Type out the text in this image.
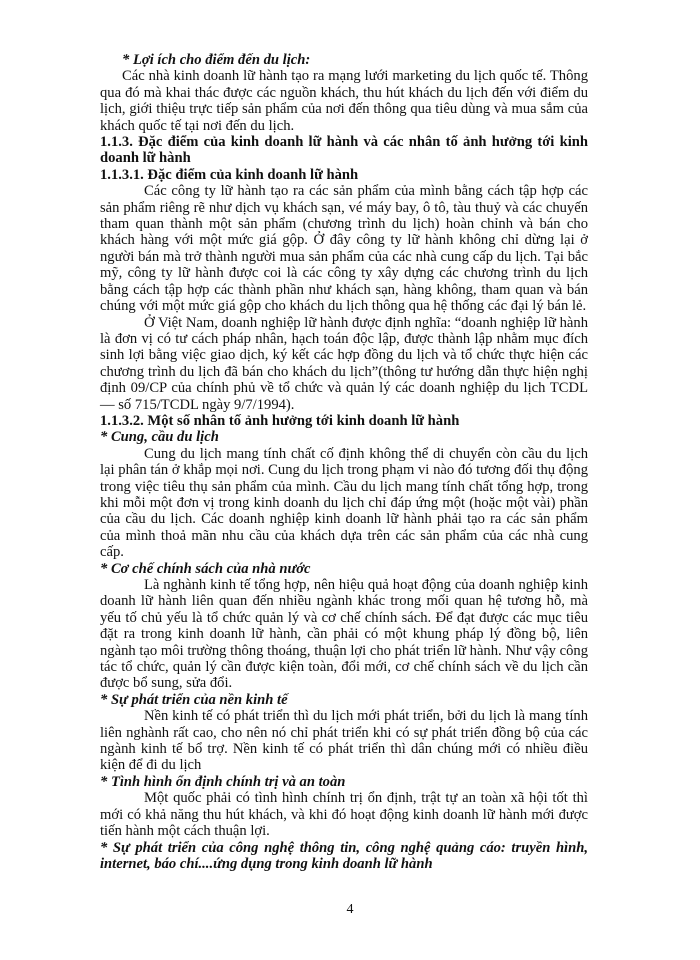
* Lợi ích cho điểm đến du lịch:

Các nhà kinh doanh lữ hành tạo ra mạng lưới marketing du lịch quốc tế. Thông qua đó mà khai thác được các nguồn khách, thu hút khách du lịch đến với điểm du lịch, giới thiệu trực tiếp sản phẩm của nơi đến thông qua tiêu dùng và mua sắm của khách quốc tế tại nơi đến du lịch.

1.1.3. Đặc điểm của kinh doanh lữ hành và các nhân tố ảnh hưởng tới kinh doanh lữ hành

1.1.3.1. Đặc điểm của kinh doanh lữ hành

Các công ty lữ hành tạo ra các sản phẩm của mình bằng cách tập hợp các sản phẩm riêng rẽ như dịch vụ khách sạn, vé máy bay, ô tô, tàu thuỷ và các chuyến tham quan thành một sản phẩm (chương trình du lịch) hoàn chỉnh và bán cho khách hàng với một mức giá gộp. Ở đây công ty lữ hành không chỉ dừng lại ở người bán mà trở thành người mua sản phẩm của các nhà cung cấp du lịch. Tại bắc mỹ, công ty lữ hành được coi là các công ty xây dựng các chương trình du lịch bằng cách tập hợp các thành phần như khách sạn, hàng không, tham quan và bán chúng với một mức giá gộp cho khách du lịch thông qua hệ thống các đại lý bán lẻ.

Ở Việt Nam, doanh nghiệp lữ hành được định nghĩa: “doanh nghiệp lữ hành là đơn vị có tư cách pháp nhân, hạch toán độc lập, được thành lập nhằm mục đích sinh lợi bằng việc giao dịch, ký kết các hợp đồng du lịch và tổ chức thực hiện các chương trình du lịch đã bán cho khách du lịch”(thông tư hướng dẫn thực hiện nghị định 09/CP của chính phủ về tổ chức và quản lý các doanh nghiệp du lịch TCDL — số 715/TCDL ngày 9/7/1994).

1.1.3.2. Một số nhân tố ảnh hưởng tới kinh doanh lữ hành

* Cung, cầu du lịch

Cung du lịch mang tính chất cố định không thể di chuyển còn cầu du lịch lại phân tán ở khắp mọi nơi. Cung du lịch trong phạm vi nào đó tương đối thụ động trong việc tiêu thụ sản phẩm của mình. Cầu du lịch mang tính chất tổng hợp, trong khi mỗi một đơn vị trong kinh doanh du lịch chỉ đáp ứng một (hoặc một vài) phần của cầu du lịch. Các doanh nghiệp kinh doanh lữ hành phải tạo ra các sản phẩm của mình thoả mãn nhu cầu của khách dựa trên các sản phẩm của các nhà cung cấp.

* Cơ chế chính sách của nhà nước

Là nghành kinh tế tổng hợp, nên hiệu quả hoạt động của doanh nghiệp kinh doanh lữ hành liên quan đến nhiều ngành khác trong mối quan hệ tương hỗ, mà yếu tố chủ yếu là tổ chức quản lý và cơ chế chính sách. Để đạt được các mục tiêu đặt ra trong kinh doanh lữ hành, cần phải có một khung pháp lý đồng bộ, liên ngành tạo môi trường thông thoáng, thuận lợi cho phát triển lữ hành. Như vậy công tác tổ chức, quản lý cần được kiện toàn, đổi mới, cơ chế chính sách về du lịch cần được bổ sung, sửa đổi.

* Sự phát triển của nền kinh tế

Nền kinh tế có phát triển thì du lịch mới phát triển, bởi du lịch là mang tính liên nghành rất cao, cho nên nó chỉ phát triển khi có sự phát triển đồng bộ của các ngành kinh tế bổ trợ. Nền kinh tế có phát triển thì dân chúng mới có nhiều điều kiện để đi du lịch

* Tình hình ổn định chính trị và an toàn

Một quốc phải có tình hình chính trị ổn định, trật tự an toàn xã hội tốt thì mới có khả năng thu hút khách, và khi đó hoạt động kinh doanh lữ hành mới được tiến hành một cách thuận lợi.

* Sự phát triển của công nghệ thông tin, công nghệ quảng cáo: truyền hình, internet, báo chí....ứng dụng trong kinh doanh lữ hành

4
